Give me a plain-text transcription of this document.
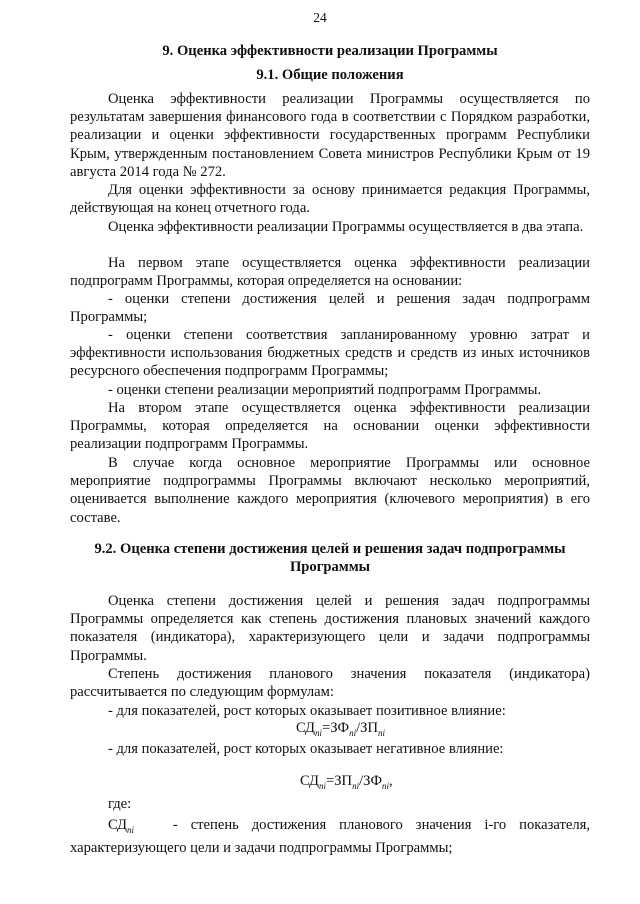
24
9. Оценка эффективности реализации Программы
9.1. Общие положения

Оценка эффективности реализации Программы осуществляется по результатам завершения финансового года в соответствии с Порядком разработки, реализации и оценки эффективности государственных программ Республики Крым, утвержденным постановлением Совета министров Республики Крым от 19 августа 2014 года № 272.

Для оценки эффективности за основу принимается редакция Программы, действующая на конец отчетного года.

Оценка эффективности реализации Программы осуществляется в два этапа.

На первом этапе осуществляется оценка эффективности реализации подпрограмм Программы, которая определяется на основании:

- оценки степени достижения целей и решения задач подпрограмм Программы;

- оценки степени соответствия запланированному уровню затрат и эффективности использования бюджетных средств и средств из иных источников ресурсного обеспечения подпрограмм Программы;

- оценки степени реализации мероприятий подпрограмм Программы.

На втором этапе осуществляется оценка эффективности реализации Программы, которая определяется на основании оценки эффективности реализации подпрограмм Программы.

В случае когда основное мероприятие Программы или основное мероприятие подпрограммы Программы включают несколько мероприятий, оценивается выполнение каждого мероприятия (ключевого мероприятия) в его составе.

9.2. Оценка степени достижения целей и решения задач подпрограммы
Программы

Оценка степени достижения целей и решения задач подпрограммы Программы определяется как степень достижения плановых значений каждого показателя (индикатора), характеризующего цели и задачи подпрограммы Программы.

Степень достижения планового значения показателя (индикатора) рассчитывается по следующим формулам:

- для показателей, рост которых оказывает позитивное влияние:

$СД_{пі}=ЗФ_{пі}/ЗП_{пі}$

- для показателей, рост которых оказывает негативное влияние:

$СД_{пі}=ЗП_{пі}/ЗФ_{пі}$,
где:

$СД_{пі}$	- степень достижения планового значения i-го показателя, характеризующего цели и задачи подпрограммы Программы;
